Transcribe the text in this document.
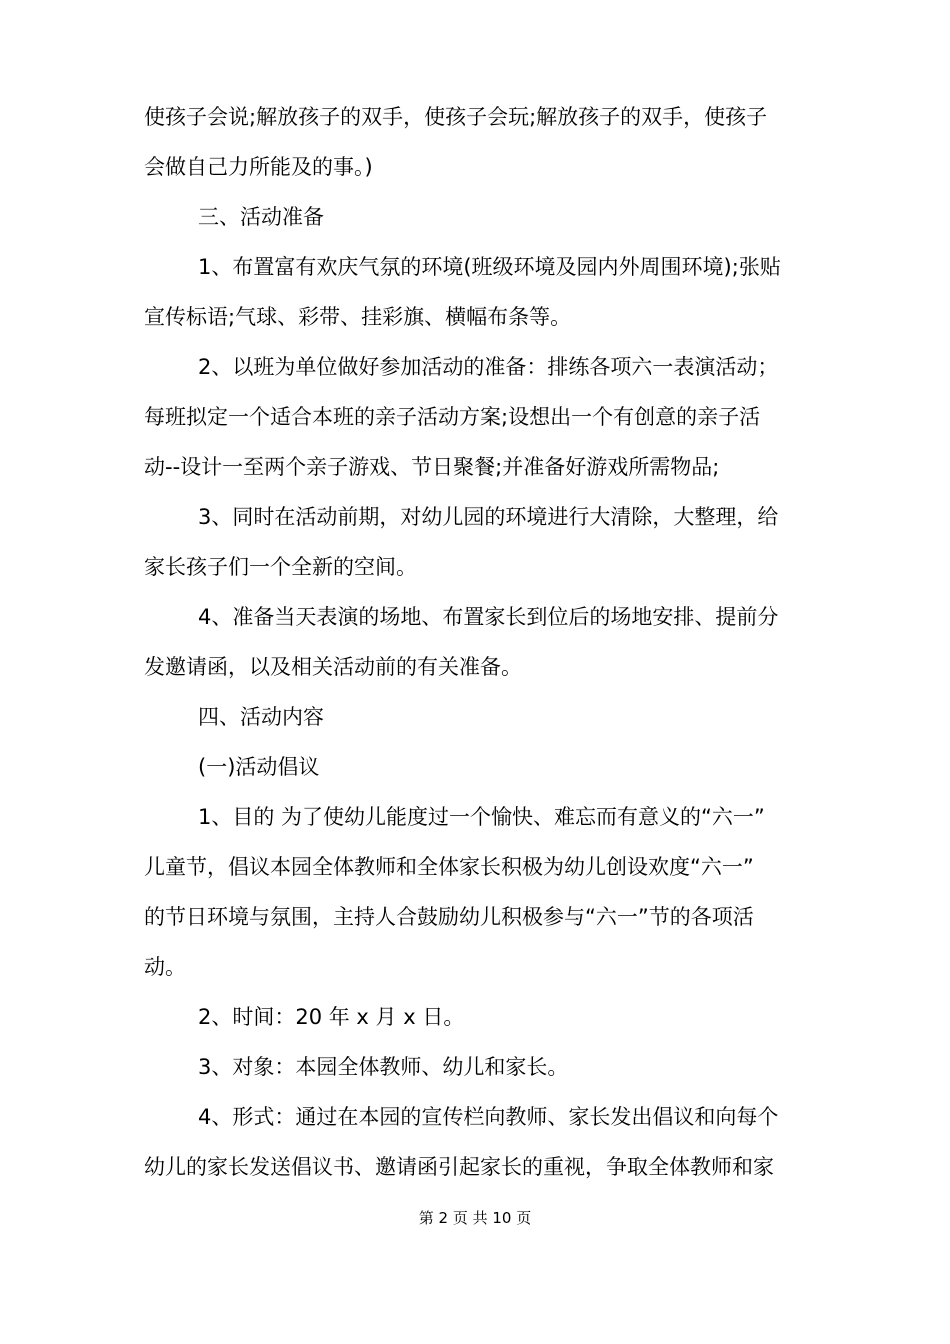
使孩子会说;解放孩子的双手，使孩子会玩;解放孩子的双手，使孩子
会做自己力所能及的事。)
三、活动准备
1、布置富有欢庆气氛的环境(班级环境及园内外周围环境);张贴
宣传标语;气球、彩带、挂彩旗、横幅布条等。
2、以班为单位做好参加活动的准备：排练各项六一表演活动；
每班拟定一个适合本班的亲子活动方案;设想出一个有创意的亲子活
动--设计一至两个亲子游戏、节日聚餐;并准备好游戏所需物品;
3、同时在活动前期，对幼儿园的环境进行大清除，大整理，给
家长孩子们一个全新的空间。
4、准备当天表演的场地、布置家长到位后的场地安排、提前分
发邀请函，以及相关活动前的有关准备。
四、活动内容
(一)活动倡议
1、目的 为了使幼儿能度过一个愉快、难忘而有意义的“六一”
儿童节，倡议本园全体教师和全体家长积极为幼儿创设欢度“六一”
的节日环境与氛围，主持人合鼓励幼儿积极参与“六一”节的各项活
动。
2、时间：20 年 x 月 x 日。
3、对象：本园全体教师、幼儿和家长。
4、形式：通过在本园的宣传栏向教师、家长发出倡议和向每个
幼儿的家长发送倡议书、邀请函引起家长的重视，争取全体教师和家
第 2 页 共 10 页
